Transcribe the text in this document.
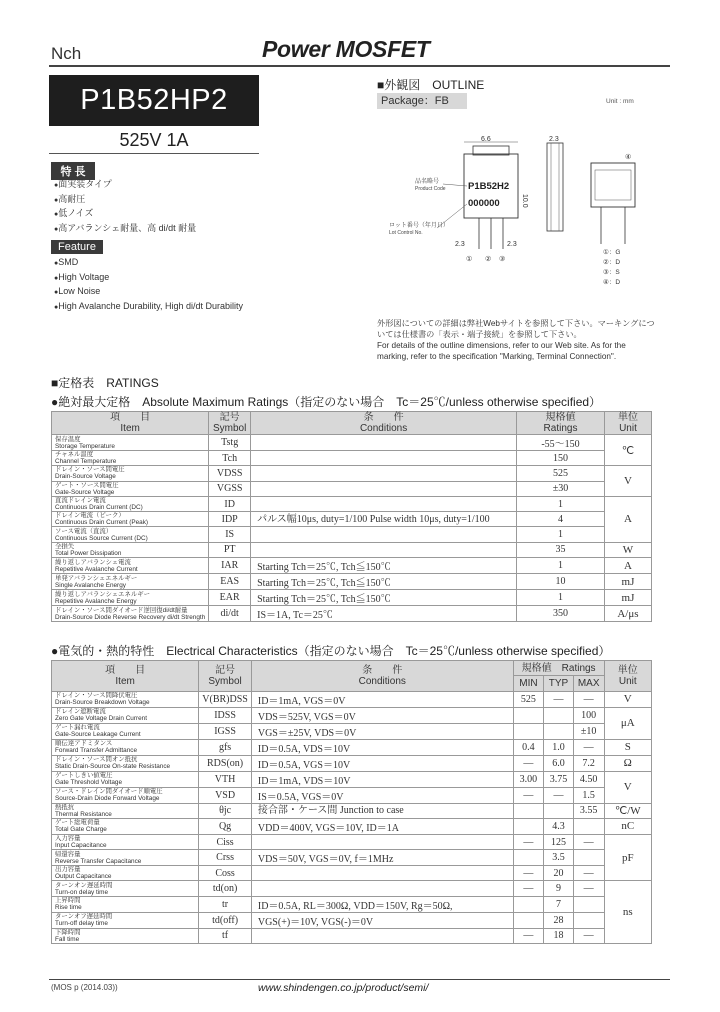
Nch	Power MOSFET
P1B52HP2
525V 1A
特 長
● 面実装タイプ
● 高耐圧
● 低ノイズ
● 高アバランシェ耐量、高 di/dt 耐量
Feature
● SMD
● High Voltage
● Low Noise
● High Avalanche Durability, High di/dt Durability
■外観図　OUTLINE
Package：FB	Unit : mm
6.6
P1B52H2
000000
品名略号
Product Code
ロット番号（年月日）
Lot Control No.
2.3	2.3
10.0
① ② ③
2.3
④
①：G
②：D
③：S
④：D
外形図についての詳細は弊社Webサイトを参照して下さい。マーキングについては仕様書の「表示・端子接続」を参照して下さい。
For details of the outline dimensions, refer to our Web site. As for the marking, refer to the specification "Marking, Terminal Connection".
■定格表　RATINGS
●絶対最大定格　Absolute Maximum Ratings（指定のない場合　Tc＝25℃/unless otherwise specified）
項　　目
Item	記号
Symbol	条　　件
Conditions	規格値
Ratings	単位
Unit

保存温度
Storage Temperature	Tstg		-55～150	℃

チャネル温度
Channel Temperature	Tch		150	

ドレイン・ソース間電圧
Drain-Source Voltage	VDSS		525	V

ゲート・ソース間電圧
Gate-Source Voltage	VGSS		±30	

直流ドレイン電流
Continuous Drain Current (DC)	ID		1	A

ドレイン電流（ピーク）
Continuous Drain Current (Peak)	IDP	パルス幅10μs, duty=1/100 Pulse width 10μs, duty=1/100	4	

ソース電流（直流）
Continuous Source Current (DC)	IS		1	

全損失
Total Power Dissipation	PT		35	W

繰り返しアバランシェ電流
Repetitive Avalanche Current	IAR	Starting Tch＝25℃, Tch≦150℃	1	A

単発アバランシェエネルギー
Single Avalanche Energy	EAS	Starting Tch＝25℃, Tch≦150℃	10	mJ

繰り返しアバランシェエネルギー
Repetitive Avalanche Energy	EAR	Starting Tch＝25℃, Tch≦150℃	1	mJ

ドレイン・ソース間ダイオード逆回復di/dt耐量
Drain-Source Diode Reverse Recovery di/dt Strength	di/dt	IS＝1A, Tc＝25℃	350	A/μs
●電気的・熱的特性　Electrical Characteristics（指定のない場合　Tc＝25℃/unless otherwise specified）
項　　目
Item	記号
Symbol	条　　件
Conditions	規格値　Ratings			単位
Unit
			MIN	TYP	MAX	

ドレイン・ソース間降伏電圧
Drain-Source Breakdown Voltage	V(BR)DSS	ID＝1mA, VGS＝0V	525	—	—	V

ドレイン遮断電流
Zero Gate Voltage Drain Current	IDSS	VDS＝525V, VGS＝0V			100	μA

ゲート漏れ電流
Gate-Source Leakage Current	IGSS	VGS＝±25V, VDS＝0V			±10	

順伝達アドミタンス
Forward Transfer Admittance	gfs	ID＝0.5A, VDS＝10V	0.4	1.0	—	S

ドレイン・ソース間オン抵抗
Static Drain-Source On-state Resistance	RDS(on)	ID＝0.5A, VGS＝10V	—	6.0	7.2	Ω

ゲートしきい値電圧
Gate Threshold Voltage	VTH	ID＝1mA, VDS＝10V	3.00	3.75	4.50	V

ソース・ドレイン間ダイオード順電圧
Source-Drain Diode Forward Voltage	VSD	IS＝0.5A, VGS＝0V	—	—	1.5	

熱抵抗
Thermal Resistance	θjc	接合部・ケース間 Junction to case			3.55	℃/W

ゲート総電荷量
Total Gate Charge	Qg	VDD＝400V, VGS＝10V, ID＝1A		4.3		nC

入力容量
Input Capacitance	Ciss		—	125	—	pF

帰還容量
Reverse Transfer Capacitance	Crss	VDS＝50V, VGS＝0V, f＝1MHz		3.5		

出力容量
Output Capacitance	Coss		—	20	—	

ターンオン遅延時間
Turn-on delay time	td(on)		—	9	—	ns

上昇時間
Rise time	tr	ID＝0.5A, RL＝300Ω, VDD＝150V, Rg＝50Ω,		7		

ターンオフ遅延時間
Turn-off delay time	td(off)	VGS(+)＝10V, VGS(-)＝0V		28		

下降時間
Fall time	tf		—	18	—	
(MOS p (2014.03))	www.shindengen.co.jp/product/semi/
